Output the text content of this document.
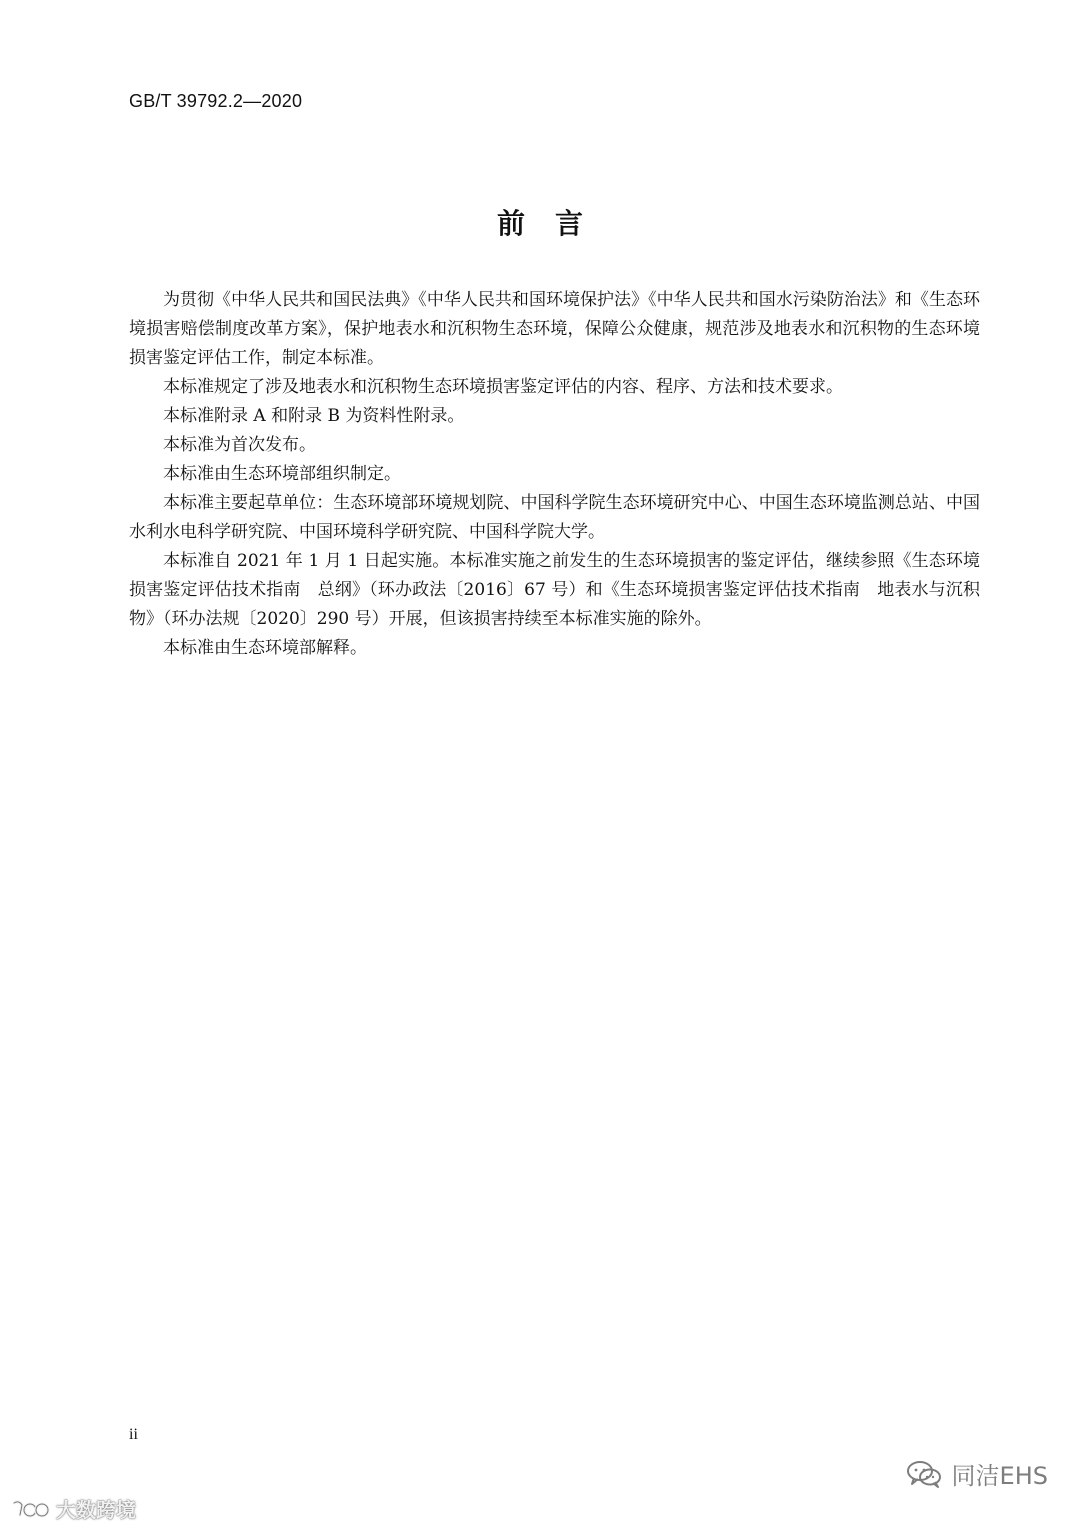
GB/T 39792.2—2020
前言

为贯彻《中华人民共和国民法典》《中华人民共和国环境保护法》《中华人民共和国水污染防治法》和《生态环境损害赔偿制度改革方案》，保护地表水和沉积物生态环境，保障公众健康，规范涉及地表水和沉积物的生态环境损害鉴定评估工作，制定本标准。

本标准规定了涉及地表水和沉积物生态环境损害鉴定评估的内容、程序、方法和技术要求。

本标准附录 A 和附录 B 为资料性附录。

本标准为首次发布。

本标准由生态环境部组织制定。

本标准主要起草单位：生态环境部环境规划院、中国科学院生态环境研究中心、中国生态环境监测总站、中国水利水电科学研究院、中国环境科学研究院、中国科学院大学。

本标准自 2021 年 1 月 1 日起实施。本标准实施之前发生的生态环境损害的鉴定评估，继续参照《生态环境损害鉴定评估技术指南　总纲》（环办政法〔2016〕67 号）和《生态环境损害鉴定评估技术指南　地表水与沉积物》（环办法规〔2020〕290 号）开展，但该损害持续至本标准实施的除外。

本标准由生态环境部解释。

ii
同洁EHS
大数跨境
